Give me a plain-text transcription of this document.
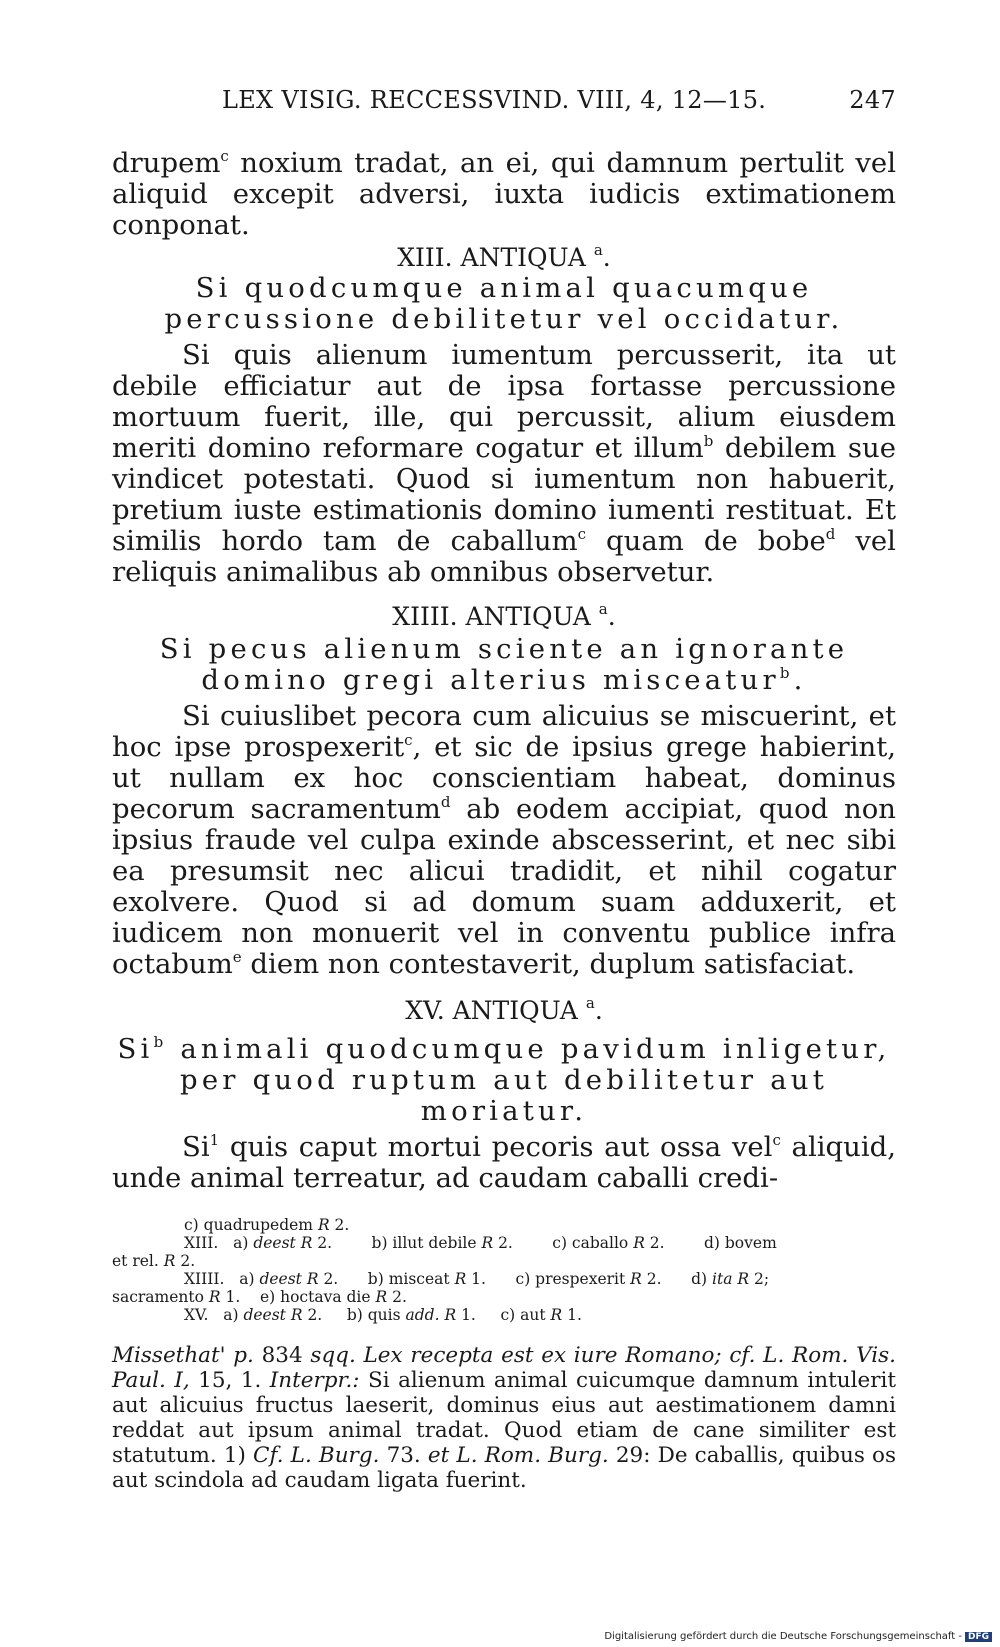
LEX VISIG. RECCESSVIND. VIII, 4, 12—15.	247

drupem$^c$ noxium tradat, an ei, qui damnum pertulit vel aliquid excepit adversi, iuxta iudicis extimationem conponat.

XIII. ANTIQUA $^a$.

Si quodcumque animal quacumque percussione debilitetur vel occidatur.

Si quis alienum iumentum percusserit, ita ut debile efficiatur aut de ipsa fortasse percussione mortuum fuerit, ille, qui percussit, alium eiusdem meriti domino reformare cogatur et illum$^b$ debilem sue vindicet potestati. Quod si iumentum non habuerit, pretium iuste estimationis domino iumenti restituat. Et similis hordo tam de caballum$^c$ quam de bobe$^d$ vel reliquis animalibus ab omnibus observetur.

XIIII. ANTIQUA $^a$.

Si pecus alienum sciente an ignorante domino gregi alterius misceatur$^b$.

Si cuiuslibet pecora cum alicuius se miscuerint, et hoc ipse prospexerit$^c$, et sic de ipsius grege habierint, ut nullam ex hoc conscientiam habeat, dominus pecorum sacramentum$^d$ ab eodem accipiat, quod non ipsius fraude vel culpa exinde abscesserint, et nec sibi ea presumsit nec alicui tradidit, et nihil cogatur exolvere. Quod si ad domum suam adduxerit, et iudicem non monuerit vel in conventu publice infra octabum$^e$ diem non contestaverit, duplum satisfaciat.

XV. ANTIQUA $^a$.

Si$^b$ animali quodcumque pavidum inligetur, per quod ruptum aut debilitetur aut moriatur.

Si$^1$ quis caput mortui pecoris aut ossa vel$^c$ aliquid, unde animal terreatur, ad caudam caballi credi-

c) quadrupedem R 2.
XIII.   a) deest R 2.        b) illut debile R 2.        c) caballo R 2.        d) bovem
et rel. R 2.
XIIII.   a) deest R 2.      b) misceat R 1.      c) prespexerit R 2.      d) ita R 2;
sacramento R 1.    e) hoctava die R 2.
XV.   a) deest R 2.     b) quis add. R 1.     c) aut R 1.
Missethat' p. 834 sqq. Lex recepta est ex iure Romano; cf. L. Rom. Vis. Paul. I, 15, 1. Interpr.: Si alienum animal cuicumque damnum intulerit aut alicuius fructus laeserit, dominus eius aut aestimationem damni reddat aut ipsum animal tradat. Quod etiam de cane similiter est statutum. 1) Cf. L. Burg. 73. et L. Rom. Burg. 29: De caballis, quibus os aut scindola ad caudam ligata fuerint.
Digitalisierung gefördert durch die Deutsche Forschungsgemeinschaft - DFG
